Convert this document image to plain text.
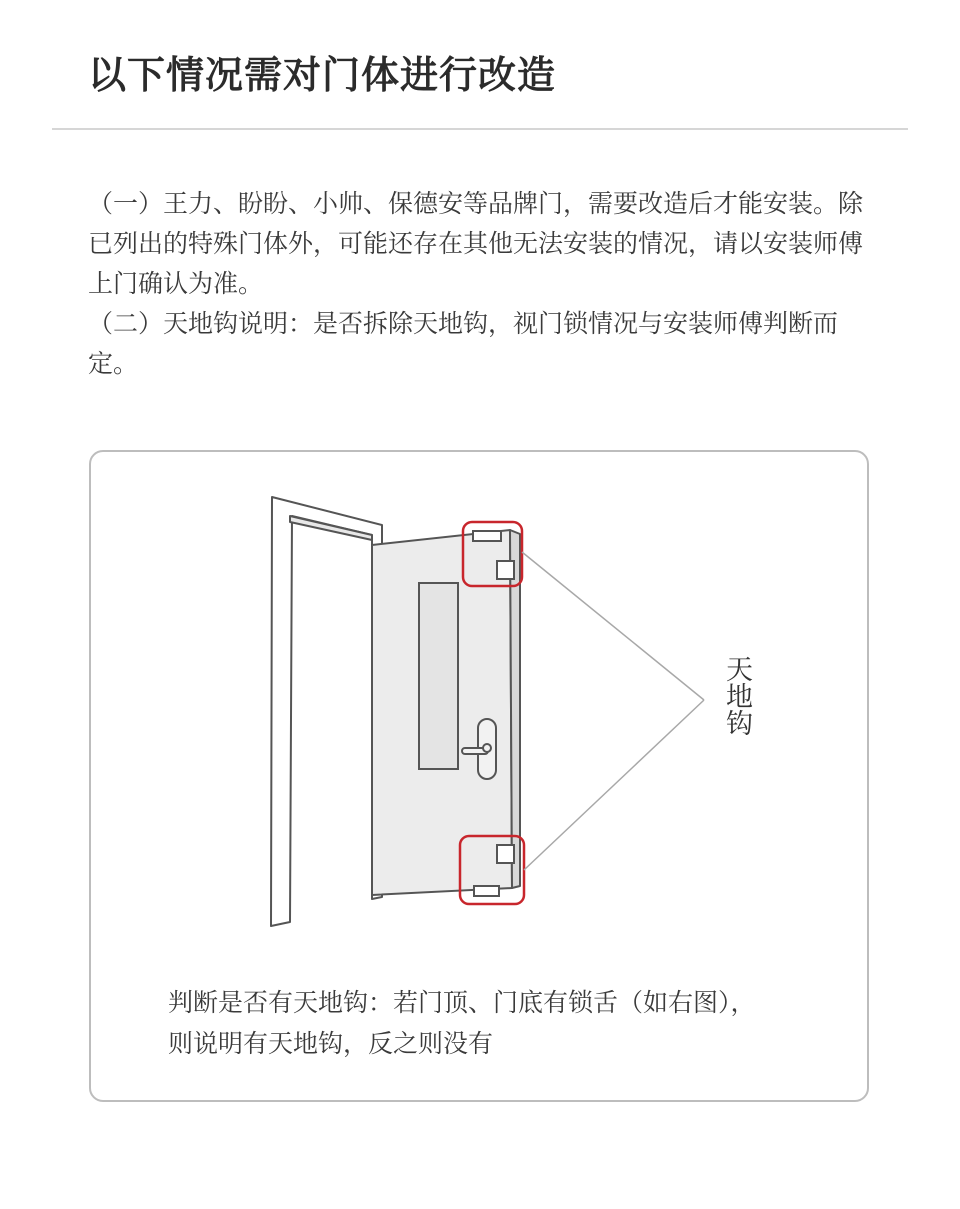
以下情况需对门体进行改造

（一）王力、盼盼、小帅、保德安等品牌门，需要改造后才能安装。除已列出的特殊门体外，可能还存在其他无法安装的情况，请以安装师傅上门确认为准。

（二）天地钩说明：是否拆除天地钩，视门锁情况与安装师傅判断而定。

天地钩

判断是否有天地钩：若门顶、门底有锁舌（如右图），

则说明有天地钩，反之则没有
